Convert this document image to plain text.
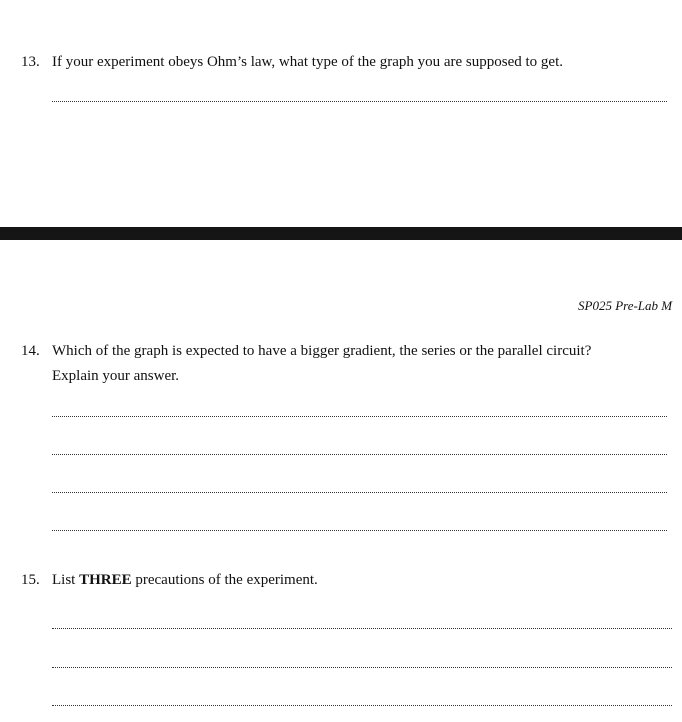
13. If your experiment obeys Ohm’s law, what type of the graph you are supposed to get.
SP025 Pre-Lab M
14. Which of the graph is expected to have a bigger gradient, the series or the parallel circuit?
Explain your answer.
15. List THREE precautions of the experiment.
